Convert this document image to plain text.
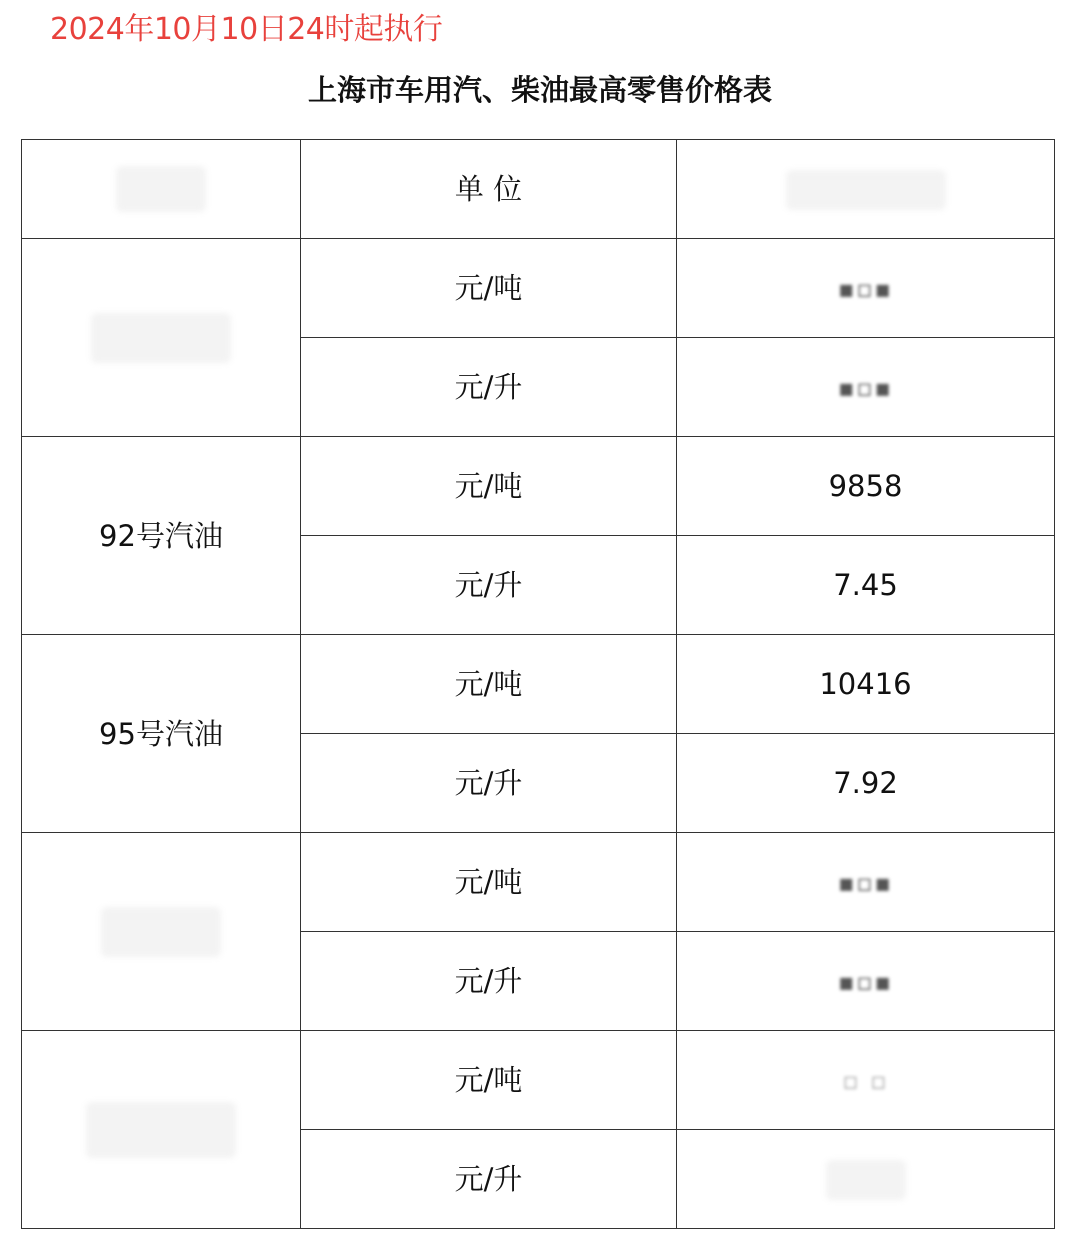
2024年10月10日24时起执行
上海市车用汽、柴油最高零售价格表
	单 位	
	元/吨	▪▫▪
	元/升	▪▫▪
92号汽油	元/吨	9858
	元/升	7.45
95号汽油	元/吨	10416
	元/升	7.92
	元/吨	▪▫▪
	元/升	▪▫▪
	元/吨	▫ ▫
	元/升	
